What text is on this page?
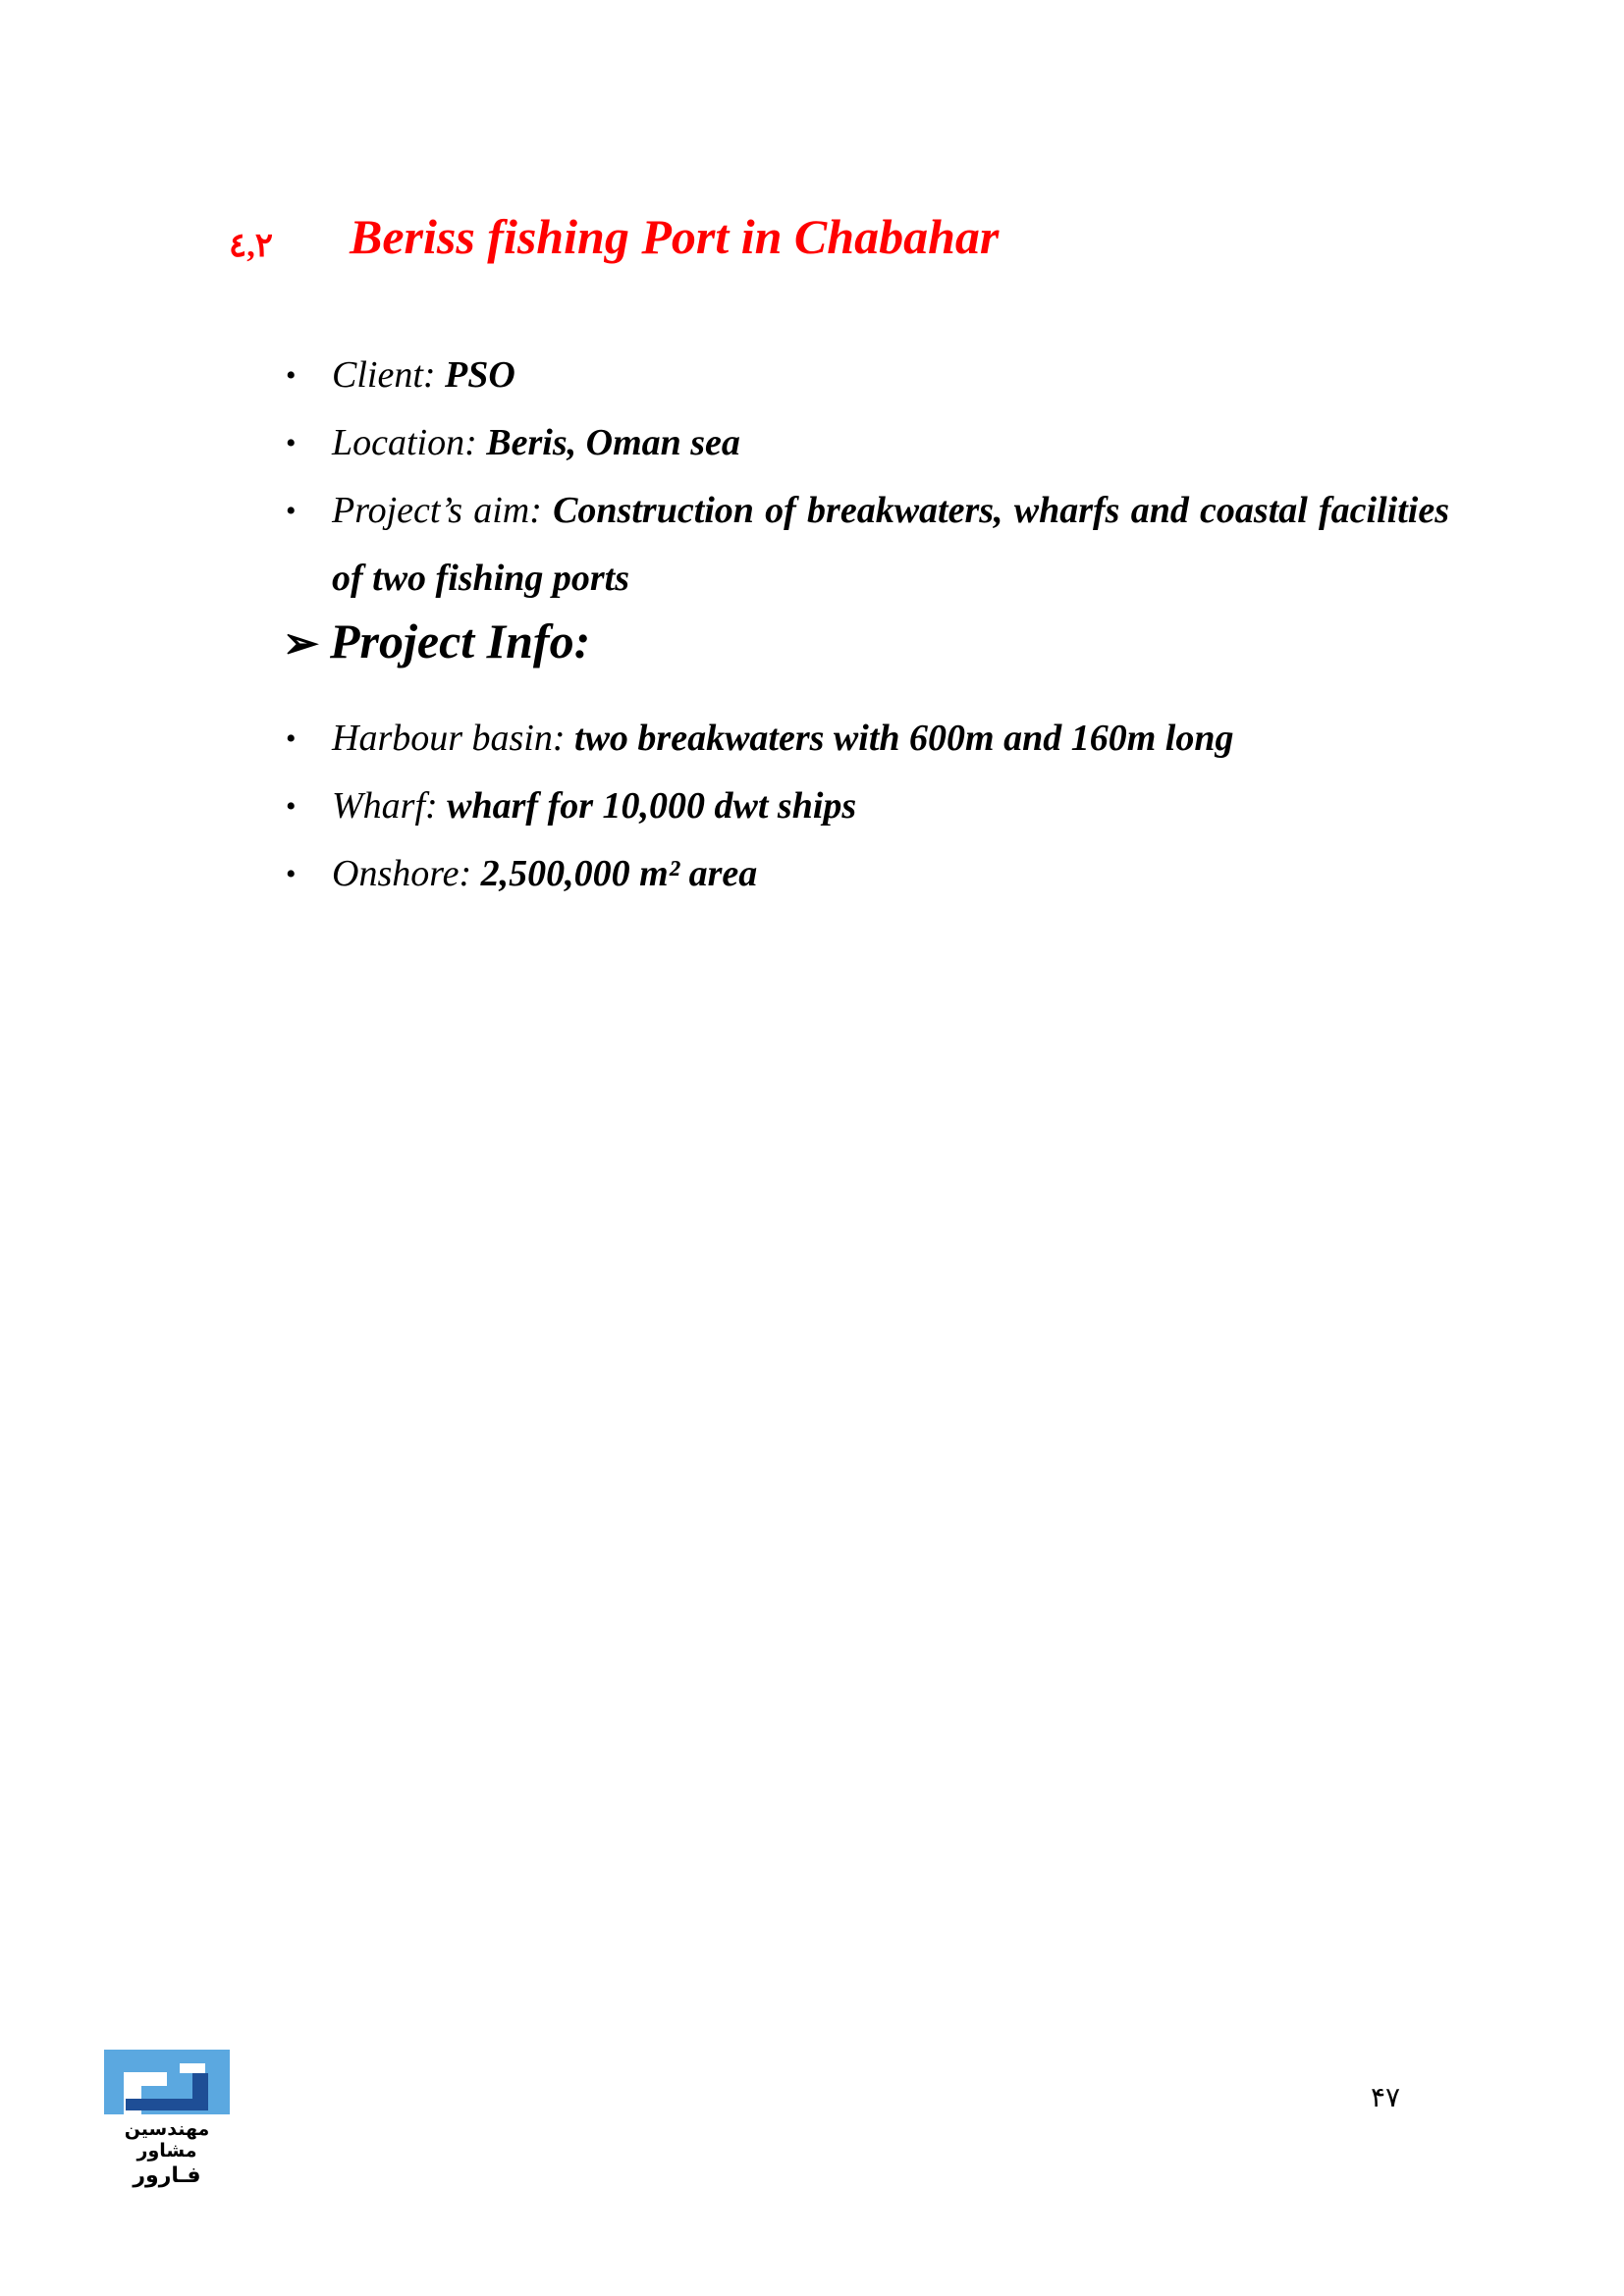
٤,٢ Beriss fishing Port in Chabahar
• Client: PSO
• Location: Beris, Oman sea
• Project’s aim: Construction of breakwaters, wharfs and coastal facilities of two fishing ports
➢ Project Info:
• Harbour basin: two breakwaters with 600m and 160m long
• Wharf: wharf for 10,000 dwt ships
• Onshore: 2,500,000 m² area
مهندسین مشاور
فـارور
۴۷
